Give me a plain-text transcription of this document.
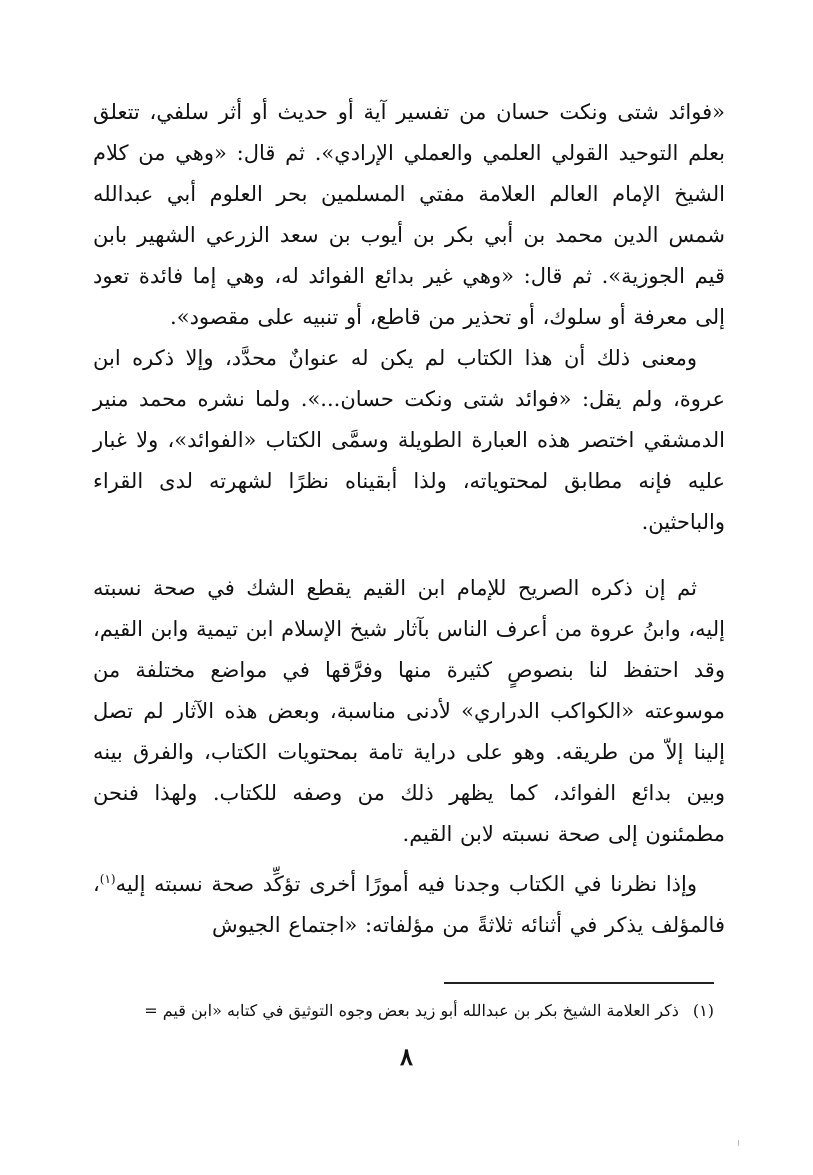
«فوائد شتى ونكت حسان من تفسير آية أو حديث أو أثر سلفي، تتعلق بعلم التوحيد القولي العلمي والعملي الإرادي». ثم قال: «وهي من كلام الشيخ الإمام العالم العلامة مفتي المسلمين بحر العلوم أبي عبدالله شمس الدين محمد بن أبي بكر بن أيوب بن سعد الزرعي الشهير بابن قيم الجوزية». ثم قال: «وهي غير بدائع الفوائد له، وهي إما فائدة تعود إلى معرفة أو سلوك، أو تحذير من قاطع، أو تنبيه على مقصود».

ومعنى ذلك أن هذا الكتاب لم يكن له عنوانٌ محدَّد، وإلا ذكره ابن عروة، ولم يقل: «فوائد شتى ونكت حسان...». ولما نشره محمد منير الدمشقي اختصر هذه العبارة الطويلة وسمَّى الكتاب «الفوائد»، ولا غبار عليه فإنه مطابق لمحتوياته، ولذا أبقيناه نظرًا لشهرته لدى القراء والباحثين.

ثم إن ذكره الصريح للإمام ابن القيم يقطع الشك في صحة نسبته إليه، وابنُ عروة من أعرف الناس بآثار شيخ الإسلام ابن تيمية وابن القيم، وقد احتفظ لنا بنصوصٍ كثيرة منها وفرَّقها في مواضع مختلفة من موسوعته «الكواكب الدراري» لأدنى مناسبة، وبعض هذه الآثار لم تصل إلينا إلاّ من طريقه. وهو على دراية تامة بمحتويات الكتاب، والفرق بينه وبين بدائع الفوائد، كما يظهر ذلك من وصفه للكتاب. ولهذا فنحن مطمئنون إلى صحة نسبته لابن القيم.

وإذا نظرنا في الكتاب وجدنا فيه أمورًا أخرى تؤكِّد صحة نسبته إليه$^{(١)}$، فالمؤلف يذكر في أثنائه ثلاثةً من مؤلفاته: «اجتماع الجيوش

(١)ذكر العلامة الشيخ بكر بن عبدالله أبو زيد بعض وجوه التوثيق في كتابه «ابن قيم =
٨
